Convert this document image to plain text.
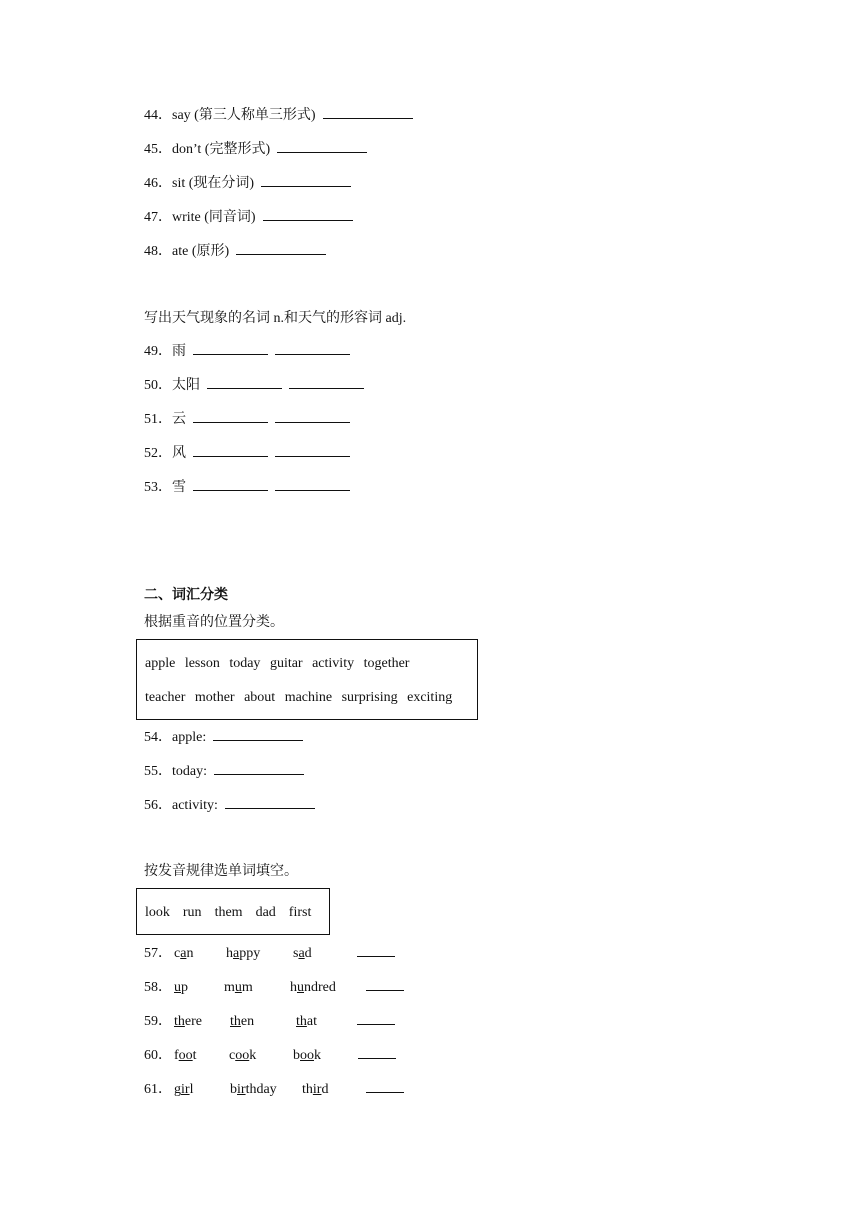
44．say (第三人称单三形式)
45．don’t (完整形式)
46．sit (现在分词)
47．write (同音词)
48．ate (原形)
写出天气现象的名词 n.和天气的形容词 adj.
49．雨
50．太阳
51．云
52．风
53．雪
二、词汇分类
根据重音的位置分类。
apple lesson today guitar activity together
teacher mother about machine surprising exciting
54．apple:
55．today:
56．activity:
按发音规律选单词填空。
look run them dad first
57． can happy sad
58． up	mum	hundred
59． there then	that
60． foot cook	book
61． girl	birthday third
